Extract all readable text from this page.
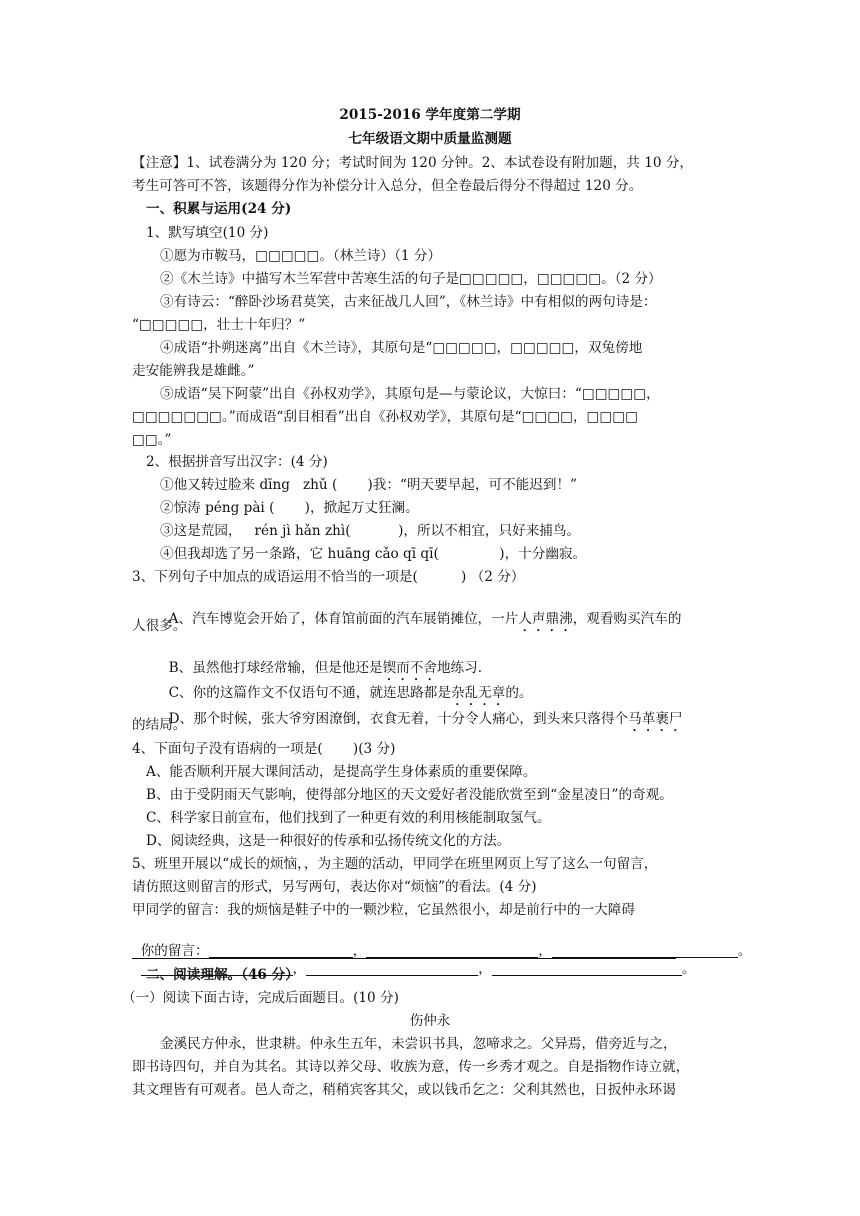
2015-2016 学年度第二学期
七年级语文期中质量监测题
【注意】1、试卷满分为 120 分；考试时间为 120 分钟。2、本试卷设有附加题，共 10 分，
考生可答可不答，该题得分作为补偿分计入总分，但全卷最后得分不得超过 120 分。
一、积累与运用(24 分)
1、默写填空(10 分)
①愿为市鞍马，□□□□□。（林兰诗）（1 分）
②《木兰诗》中描写木兰军营中苦寒生活的句子是□□□□□，□□□□□。（2 分）
③有诗云：“醉卧沙场君莫笑，古来征战几人回”，《林兰诗》中有相似的两句诗是：
“□□□□□，壮士十年归？”
④成语“扑朔迷离”出自《木兰诗》，其原句是“□□□□□，□□□□□，双兔傍地
走安能辨我是雄雌。”
⑤成语“吴下阿蒙”出自《孙权劝学》，其原句是—与蒙论议，大惊曰：“□□□□□，
□□□□□□□。”而成语“刮目相看”出自《孙权劝学》，其原句是“□□□□，□□□□
□□。”
2、根据拼音写出汉字：(4 分)
①他又转过脸来 dīng   zhǔ (       )我：“明天要早起，可不能迟到！”
②惊涛 péng pài (       )，掀起万丈狂澜。
③这是荒园，   rén jì hǎn zhì(           )，所以不相宜，只好来捕鸟。
④但我却选了另一条路，它 huāng cǎo qī qī(              )，十分幽寂。
3、下列句子中加点的成语运用不恰当的一项是(          ) （2 分）

A、汽车博览会开始了，体育馆前面的汽车展销摊位，一片人声鼎沸，观看购买汽车的

人很多。

B、虽然他打球经常输，但是他还是锲而不舍地练习.

C、你的这篇作文不仅语句不通，就连思路都是杂乱无章的。

D、那个时候，张大爷穷困潦倒，衣食无着，十分令人痛心，到头来只落得个马革裹尸

的结局。
4、下面句子没有语病的一项是(       )(3 分)
A、能否顺利开展大课间活动，是提高学生身体素质的重要保障。
B、由于受阴雨天气影响，使得部分地区的天文爱好者没能欣赏至到“金星凌日”的奇观。
C、科学家日前宣布，他们找到了一种更有效的利用核能制取氢气。
D、阅读经典，这是一种很好的传承和弘扬传统文化的方法。
5、班里开展以“成长的烦恼，，为主题的活动，甲同学在班里网页上写了这么一句留言，
请仿照这则留言的形式，另写两句，表达你对“烦恼”的看法。(4 分)
甲同学的留言：我的烦恼是鞋子中的一颗沙粒，它虽然很小，却是前行中的一大障碍

你的留言：	，	，	。

，	，	。

二、阅读理解。（46 分）
（一）阅读下面古诗，完成后面题目。(10 分)
伤仲永
金溪民方仲永，世隶耕。仲永生五年，未尝识书具，忽啼求之。父异焉，借旁近与之，
即书诗四句，并自为其名。其诗以养父母、收族为意，传一乡秀才观之。自是指物作诗立就，
其文理皆有可观者。邑人奇之，稍稍宾客其父，或以钱币乞之：父利其然也，日扳仲永环谒
